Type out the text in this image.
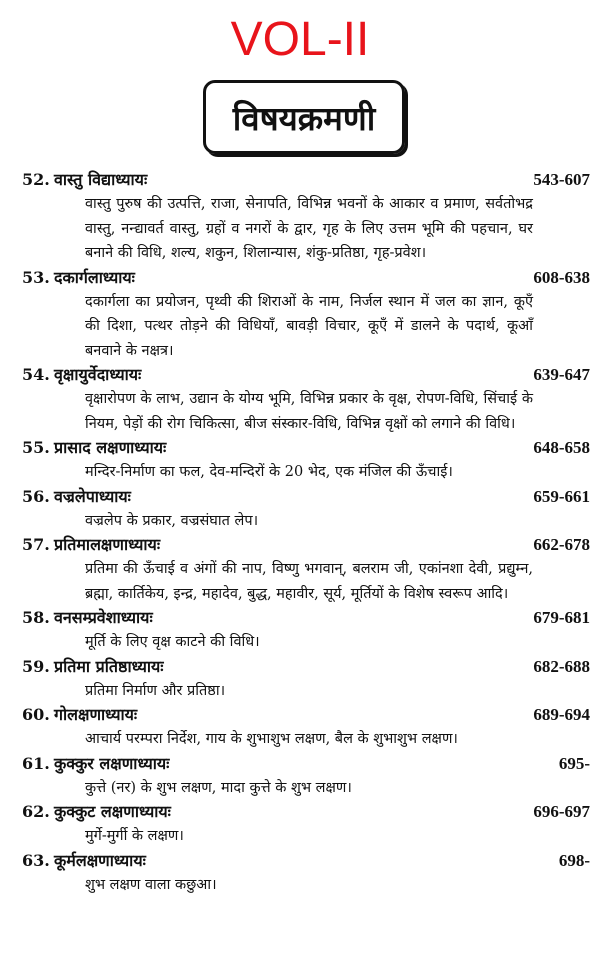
VOL-II
विषयक्रमणी
52. वास्तु विद्याध्यायः	543-607
वास्तु पुरुष की उत्पत्ति, राजा, सेनापति, विभिन्न भवनों के आकार व प्रमाण, सर्वतोभद्र वास्तु, नन्द्यावर्त वास्तु, ग्रहों व नगरों के द्वार, गृह के लिए उत्तम भूमि की पहचान, घर बनाने की विधि, शल्य, शकुन, शिलान्यास, शंकु-प्रतिष्ठा, गृह-प्रवेश।
53. दकार्गलाध्यायः	608-638
दकार्गला का प्रयोजन, पृथ्वी की शिराओं के नाम, निर्जल स्थान में जल का ज्ञान, कूएँ की दिशा, पत्थर तोड़ने की विधियाँ, बावड़ी विचार, कूएँ में डालने के पदार्थ, कूआँ बनवाने के नक्षत्र।
54. वृक्षायुर्वेदाध्यायः	639-647
वृक्षारोपण के लाभ, उद्यान के योग्य भूमि, विभिन्न प्रकार के वृक्ष, रोपण-विधि, सिंचाई के नियम, पेड़ों की रोग चिकित्सा, बीज संस्कार-विधि, विभिन्न वृक्षों को लगाने की विधि।
55. प्रासाद लक्षणाध्यायः	648-658
मन्दिर-निर्माण का फल, देव-मन्दिरों के 20 भेद, एक मंजिल की ऊँचाई।
56. वज्रलेपाध्यायः	659-661
वज्रलेप के प्रकार, वज्रसंघात लेप।
57. प्रतिमालक्षणाध्यायः	662-678
प्रतिमा की ऊँचाई व अंगों की नाप, विष्णु भगवान्, बलराम जी, एकांनशा देवी, प्रद्युम्न, ब्रह्मा, कार्तिकेय, इन्द्र, महादेव, बुद्ध, महावीर, सूर्य, मूर्तियों के विशेष स्वरूप आदि।
58. वनसम्प्रवेशाध्यायः	679-681
मूर्ति के लिए वृक्ष काटने की विधि।
59. प्रतिमा प्रतिष्ठाध्यायः	682-688
प्रतिमा निर्माण और प्रतिष्ठा।
60. गोलक्षणाध्यायः	689-694
आचार्य परम्परा निर्देश, गाय के शुभाशुभ लक्षण, बैल के शुभाशुभ लक्षण।
61. कुक्कुर लक्षणाध्यायः	695-
कुत्ते (नर) के शुभ लक्षण, मादा कुत्ते के शुभ लक्षण।
62. कुक्कुट लक्षणाध्यायः	696-697
मुर्गे-मुर्गी के लक्षण।
63. कूर्मलक्षणाध्यायः	698-
शुभ लक्षण वाला कछुआ।
